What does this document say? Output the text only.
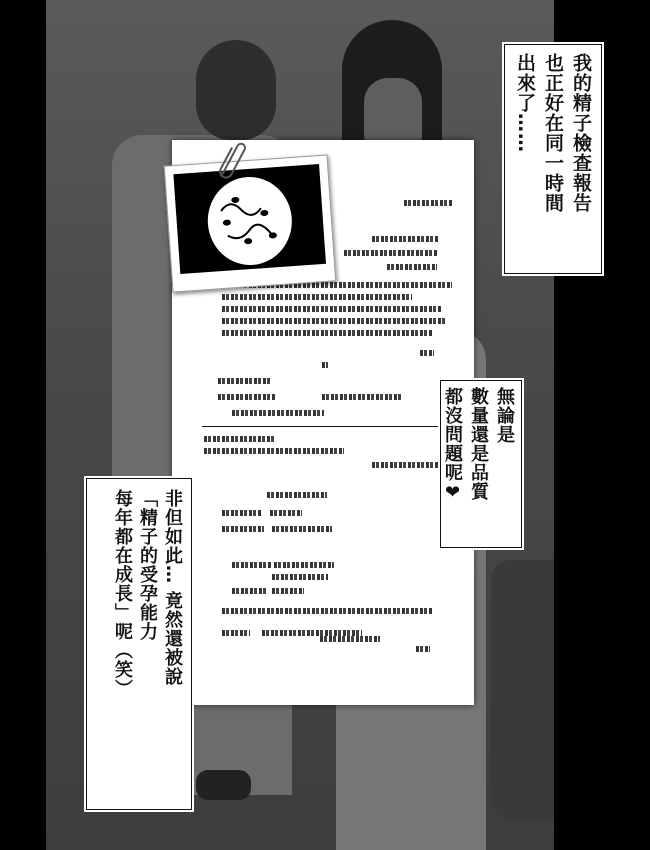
我的精子檢查報告 也正好在同一時間 出來了……
無論是 數量還是品質 都沒問題呢❤
非但如此… 竟然還被說 「精子的受孕能力 每年都在成長」呢（笑）
